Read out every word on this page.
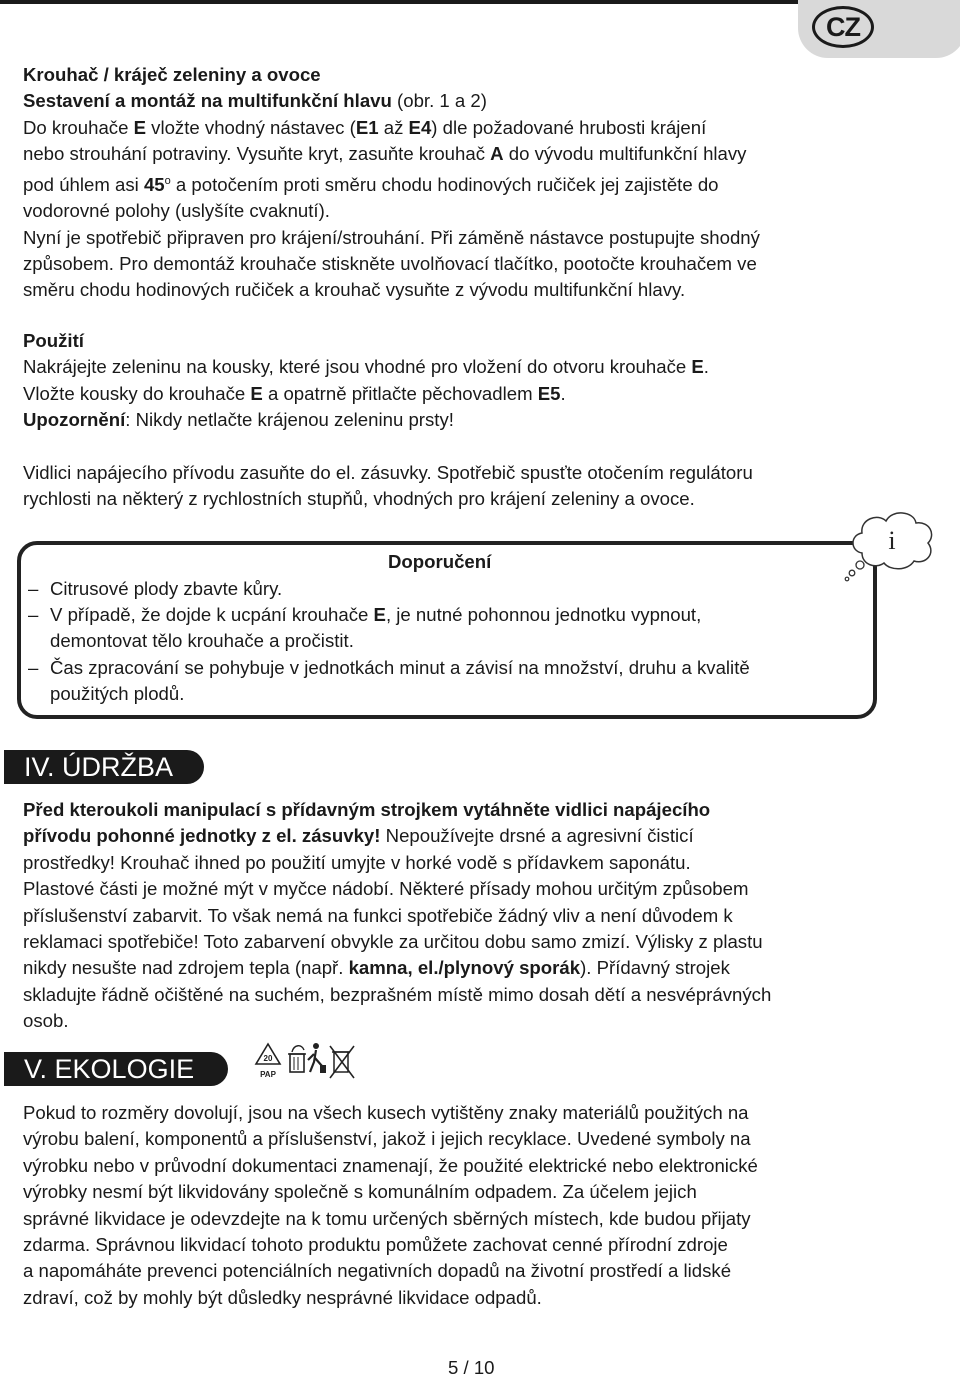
CZ
Krouhač / kráječ zeleniny a ovoce
Sestavení a montáž na multifunkční hlavu (obr. 1 a 2)
Do krouhače E vložte vhodný nástavec (E1 až E4) dle požadované hrubosti krájení
nebo strouhání potraviny. Vysuňte kryt, zasuňte krouhač A do vývodu multifunkční hlavy
pod úhlem asi 45$^o$ a potočením proti směru chodu hodinových ručiček jej zajistěte do
vodorovné polohy (uslyšíte cvaknutí).
Nyní je spotřebič připraven pro krájení/strouhání. Při záměně nástavce postupujte shodný
způsobem. Pro demontáž krouhače stiskněte uvolňovací tlačítko, pootočte krouhačem ve
směru chodu hodinových ručiček a krouhač vysuňte z vývodu multifunkční hlavy.
Použití
Nakrájejte zeleninu na kousky, které jsou vhodné pro vložení do otvoru krouhače E.
Vložte kousky do krouhače E a opatrně přitlačte pěchovadlem E5.
Upozornění: Nikdy netlačte krájenou zeleninu prsty!
Vidlici napájecího přívodu zasuňte do el. zásuvky. Spotřebič spusťte otočením regulátoru
rychlosti na některý z rychlostních stupňů, vhodných pro krájení zeleniny a ovoce.
i
Doporučení
– Citrusové plody zbavte kůry.
– V případě, že dojde k ucpání krouhače E, je nutné pohonnou jednotku vypnout,
demontovat tělo krouhače a pročistit.
– Čas zpracování se pohybuje v jednotkách minut a závisí na množství, druhu a kvalitě
použitých plodů.
IV. ÚDRŽBA
Před kteroukoli manipulací s přídavným strojkem vytáhněte vidlici napájecího
přívodu pohonné jednotky z el. zásuvky! Nepoužívejte drsné a agresivní čisticí
prostředky! Krouhač ihned po použití umyjte v horké vodě s přídavkem saponátu.
Plastové části je možné mýt v myčce nádobí. Některé přísady mohou určitým způsobem
příslušenství zabarvit. To však nemá na funkci spotřebiče žádný vliv a není důvodem k
reklamaci spotřebiče! Toto zabarvení obvykle za určitou dobu samo zmizí. Výlisky z plastu
nikdy nesušte nad zdrojem tepla (např. kamna, el./plynový sporák). Přídavný strojek
skladujte řádně očištěné na suchém, bezprašném místě mimo dosah dětí a nesvéprávných
osob.
V. EKOLOGIE	20
PAP
Pokud to rozměry dovolují, jsou na všech kusech vytištěny znaky materiálů použitých na
výrobu balení, komponentů a příslušenství, jakož i jejich recyklace. Uvedené symboly na
výrobku nebo v průvodní dokumentaci znamenají, že použité elektrické nebo elektronické
výrobky nesmí být likvidovány společně s komunálním odpadem. Za účelem jejich
správné likvidace je odevzdejte na k tomu určených sběrných místech, kde budou přijaty
zdarma. Správnou likvidací tohoto produktu pomůžete zachovat cenné přírodní zdroje
a napomáháte prevenci potenciálních negativních dopadů na životní prostředí a lidské
zdraví, což by mohly být důsledky nesprávné likvidace odpadů.
5 / 10
